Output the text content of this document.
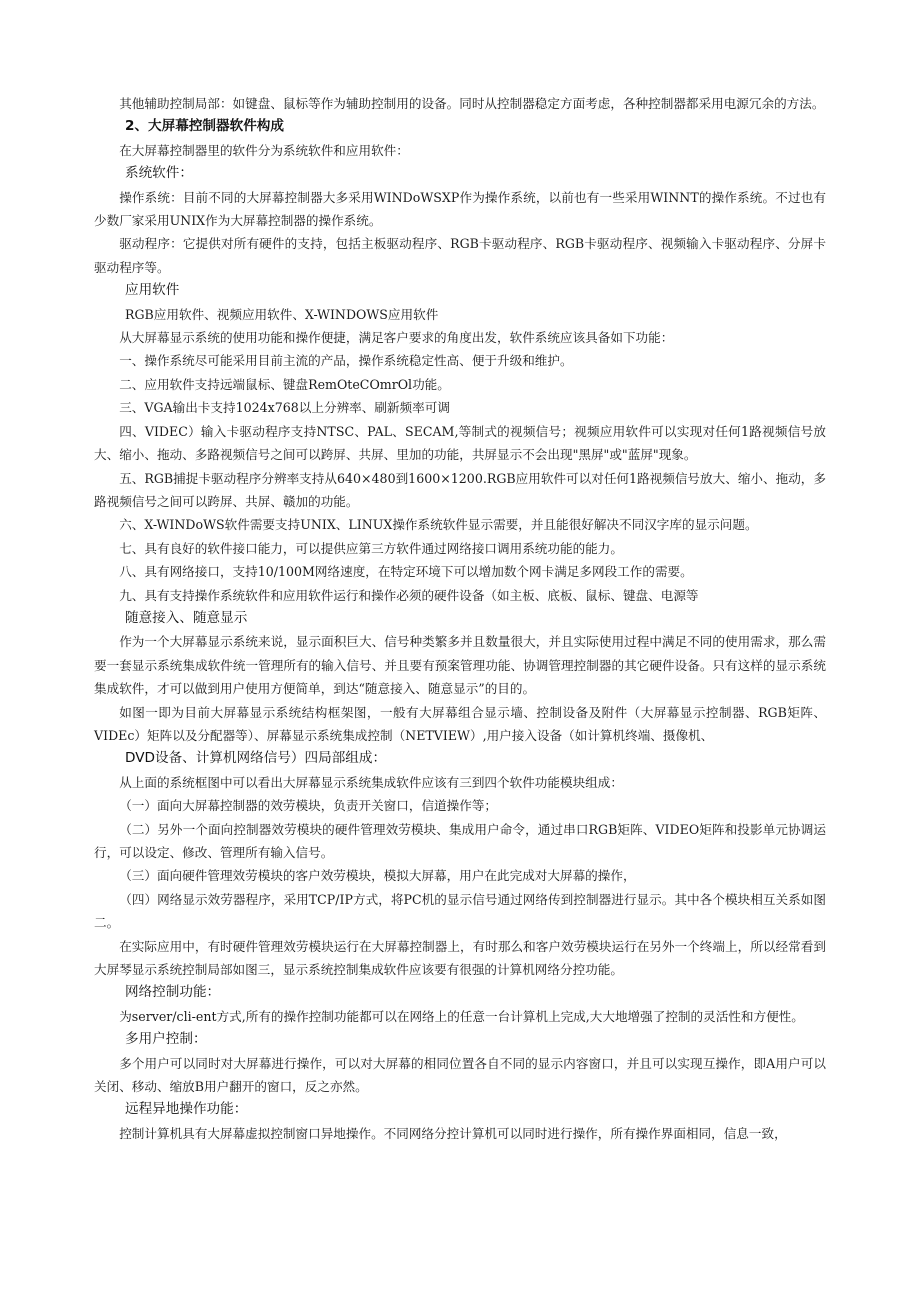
其他辅助控制局部：如键盘、鼠标等作为辅助控制用的设备。同时从控制器稳定方面考虑，各种控制器都采用电源冗余的方法。

2、大屏幕控制器软件构成

在大屏幕控制器里的软件分为系统软件和应用软件：

系统软件：

操作系统：目前不同的大屏幕控制器大多采用WINDoWSXP作为操作系统，以前也有一些采用WINNT的操作系统。不过也有少数厂家采用UNIX作为大屏幕控制器的操作系统。

驱动程序：它提供对所有硬件的支持，包括主板驱动程序、RGB卡驱动程序、RGB卡驱动程序、视频输入卡驱动程序、分屏卡驱动程序等。

应用软件

RGB应用软件、视频应用软件、X-WINDOWS应用软件

从大屏幕显示系统的使用功能和操作便捷，满足客户要求的角度出发，软件系统应该具备如下功能：

一、操作系统尽可能采用目前主流的产品，操作系统稳定性高、便于升级和维护。

二、应用软件支持远端鼠标、键盘RemOteCOmrOl功能。

三、VGA输出卡支持1024x768以上分辨率、刷新频率可调

四、VIDEC）输入卡驱动程序支持NTSC、PAL、SECAM,等制式的视频信号；视频应用软件可以实现对任何1路视频信号放大、缩小、拖动、多路视频信号之间可以跨屏、共屏、里加的功能，共屏显示不会出现"黑屏"或"蓝屏"现象。

五、RGB捕捉卡驱动程序分辨率支持从640×480到1600×1200.RGB应用软件可以对任何1路视频信号放大、缩小、拖动，多路视频信号之间可以跨屏、共屏、赣加的功能。

六、X-WINDoWS软件需要支持UNIX、LINUX操作系统软件显示需要，并且能很好解决不同汉字库的显示问题。

七、具有良好的软件接口能力，可以提供应第三方软件通过网络接口调用系统功能的能力。

八、具有网络接口，支持10/100M网络速度，在特定环境下可以增加数个网卡满足多网段工作的需要。

九、具有支持操作系统软件和应用软件运行和操作必须的硬件设备（如主板、底板、鼠标、键盘、电源等

随意接入、随意显示

作为一个大屏幕显示系统来说，显示面积巨大、信号种类繁多并且数量很大，并且实际使用过程中满足不同的使用需求，那么需要一套显示系统集成软件统一管理所有的输入信号、并且要有预案管理功能、协调管理控制器的其它硬件设备。只有这样的显示系统集成软件，才可以做到用户使用方便简单，到达“随意接入、随意显示”的目的。

如图一即为目前大屏幕显示系统结构框架图，一般有大屏幕组合显示墙、控制设备及附件（大屏幕显示控制器、RGB矩阵、VIDEc）矩阵以及分配器等）、屏幕显示系统集成控制（NETVIEW）,用户接入设备（如计算机终端、摄像机、

DVD设备、计算机网络信号）四局部组成：

从上面的系统框图中可以看出大屏幕显示系统集成软件应该有三到四个软件功能模块组成：

（一）面向大屏幕控制器的效劳模块，负责开关窗口，信道操作等；

（二）另外一个面向控制器效劳模块的硬件管理效劳模块、集成用户命令，通过串口RGB矩阵、VIDEO矩阵和投影单元协调运行，可以设定、修改、管理所有输入信号。

（三）面向硬件管理效劳模块的客户效劳模块，模拟大屏幕，用户在此完成对大屏幕的操作，

（四）网络显示效劳器程序，采用TCP/IP方式，将PC机的显示信号通过网络传到控制器进行显示。其中各个模块相互关系如图二。

在实际应用中，有时硬件管理效劳模块运行在大屏幕控制器上，有时那么和客户效劳模块运行在另外一个终端上，所以经常看到大屏琴显示系统控制局部如图三，显示系统控制集成软件应该要有很强的计算机网络分控功能。

网络控制功能：

为server/cli-ent方式,所有的操作控制功能都可以在网络上的任意一台计算机上完成,大大地增强了控制的灵活性和方便性。

多用户控制：

多个用户可以同时对大屏幕进行操作，可以对大屏幕的相同位置各自不同的显示内容窗口，并且可以实现互操作，即A用户可以关闭、移动、缩放B用户翻开的窗口，反之亦然。

远程异地操作功能：

控制计算机具有大屏幕虚拟控制窗口异地操作。不同网络分控计算机可以同时进行操作，所有操作界面相同，信息一致，
